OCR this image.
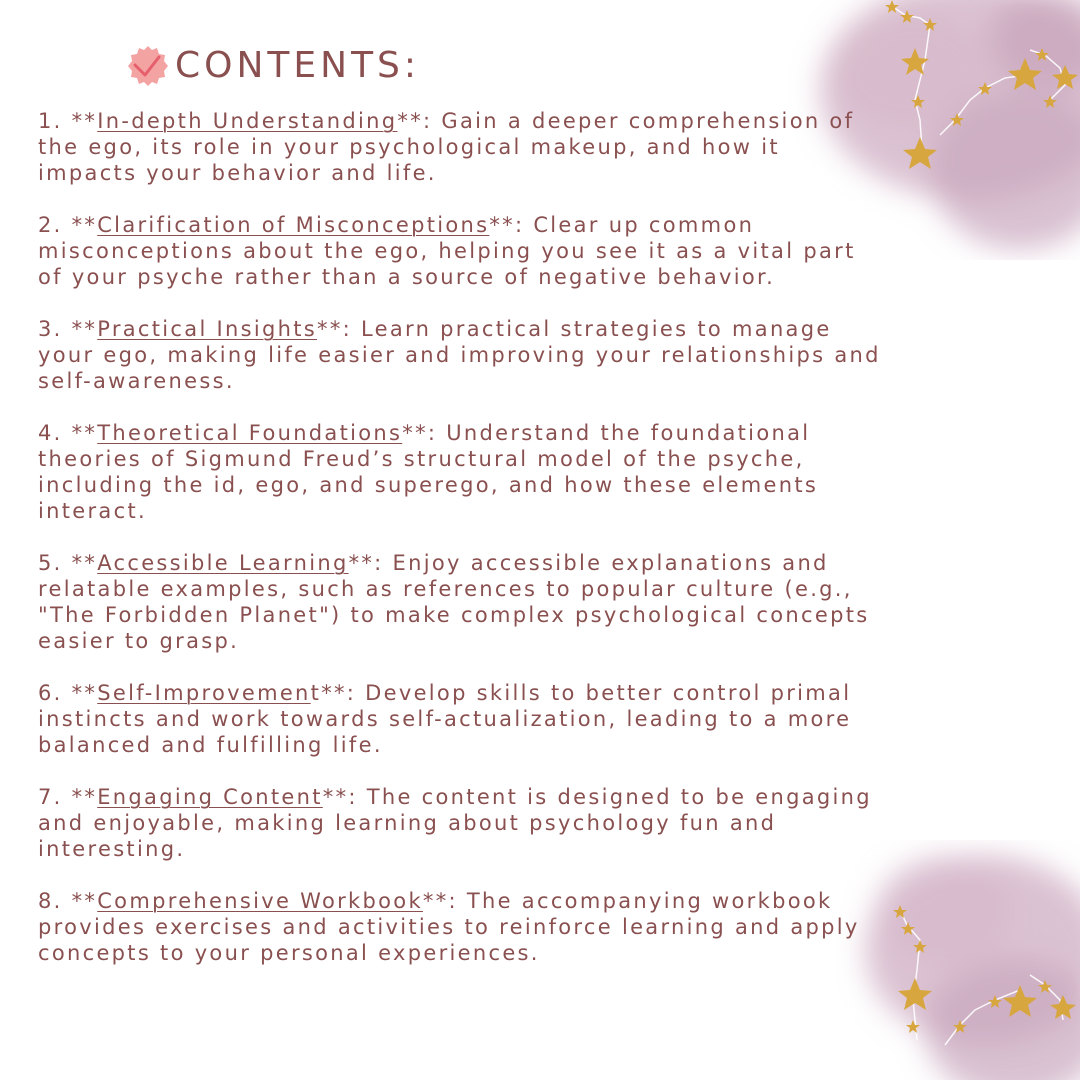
CONTENTS:
1. **In-depth Understanding**: Gain a deeper comprehension of the ego, its role in your psychological makeup, and how it impacts your behavior and life.
2. **Clarification of Misconceptions**: Clear up common misconceptions about the ego, helping you see it as a vital part of your psyche rather than a source of negative behavior.
3. **Practical Insights**: Learn practical strategies to manage your ego, making life easier and improving your relationships and self-awareness.
4. **Theoretical Foundations**: Understand the foundational theories of Sigmund Freud’s structural model of the psyche, including the id, ego, and superego, and how these elements interact.
5. **Accessible Learning**: Enjoy accessible explanations and relatable examples, such as references to popular culture (e.g., "The Forbidden Planet") to make complex psychological concepts easier to grasp.
6. **Self-Improvement**: Develop skills to better control primal instincts and work towards self-actualization, leading to a more balanced and fulfilling life.
7. **Engaging Content**: The content is designed to be engaging and enjoyable, making learning about psychology fun and interesting.
8. **Comprehensive Workbook**: The accompanying workbook provides exercises and activities to reinforce learning and apply concepts to your personal experiences.
